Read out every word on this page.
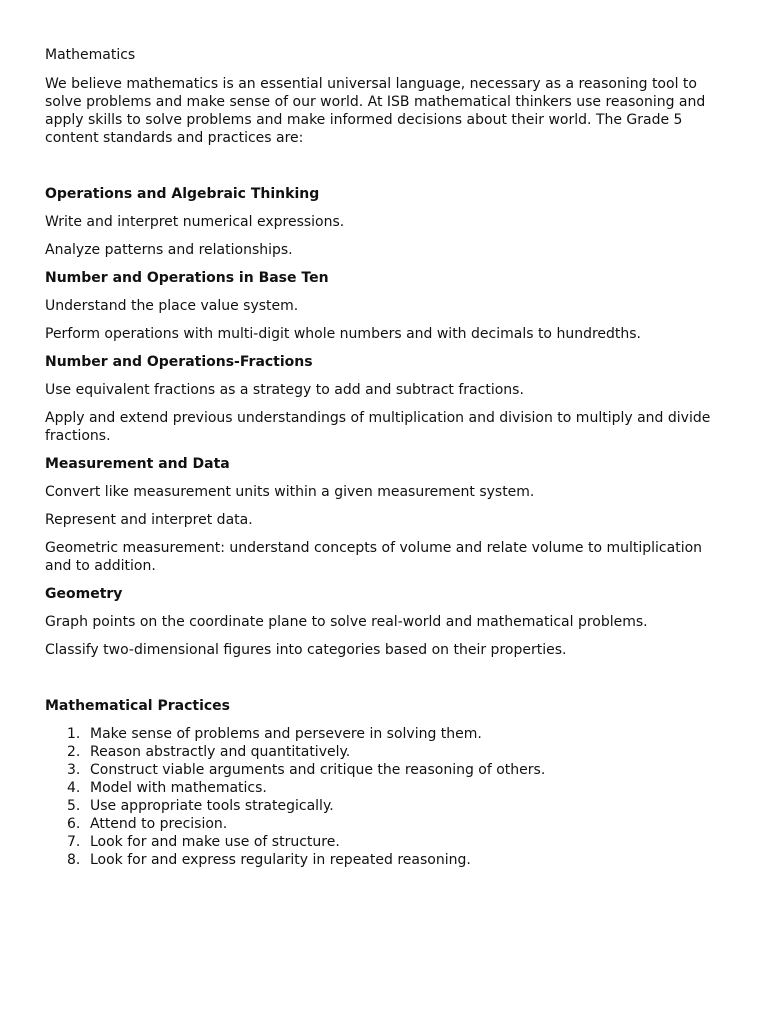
Mathematics

We believe mathematics is an essential universal language, necessary as a reasoning tool to solve problems and make sense of our world. At ISB mathematical thinkers use reasoning and apply skills to solve problems and make informed decisions about their world. The Grade 5 content standards and practices are:

Operations and Algebraic Thinking

Write and interpret numerical expressions.

Analyze patterns and relationships.

Number and Operations in Base Ten

Understand the place value system.

Perform operations with multi-digit whole numbers and with decimals to hundredths.

Number and Operations-Fractions

Use equivalent fractions as a strategy to add and subtract fractions.

Apply and extend previous understandings of multiplication and division to multiply and divide fractions.

Measurement and Data

Convert like measurement units within a given measurement system.

Represent and interpret data.

Geometric measurement: understand concepts of volume and relate volume to multiplication and to addition.

Geometry

Graph points on the coordinate plane to solve real-world and mathematical problems.

Classify two-dimensional figures into categories based on their properties.

Mathematical Practices
1. Make sense of problems and persevere in solving them.
2. Reason abstractly and quantitatively.
3. Construct viable arguments and critique the reasoning of others.
4. Model with mathematics.
5. Use appropriate tools strategically.
6. Attend to precision.
7. Look for and make use of structure.
8. Look for and express regularity in repeated reasoning.
